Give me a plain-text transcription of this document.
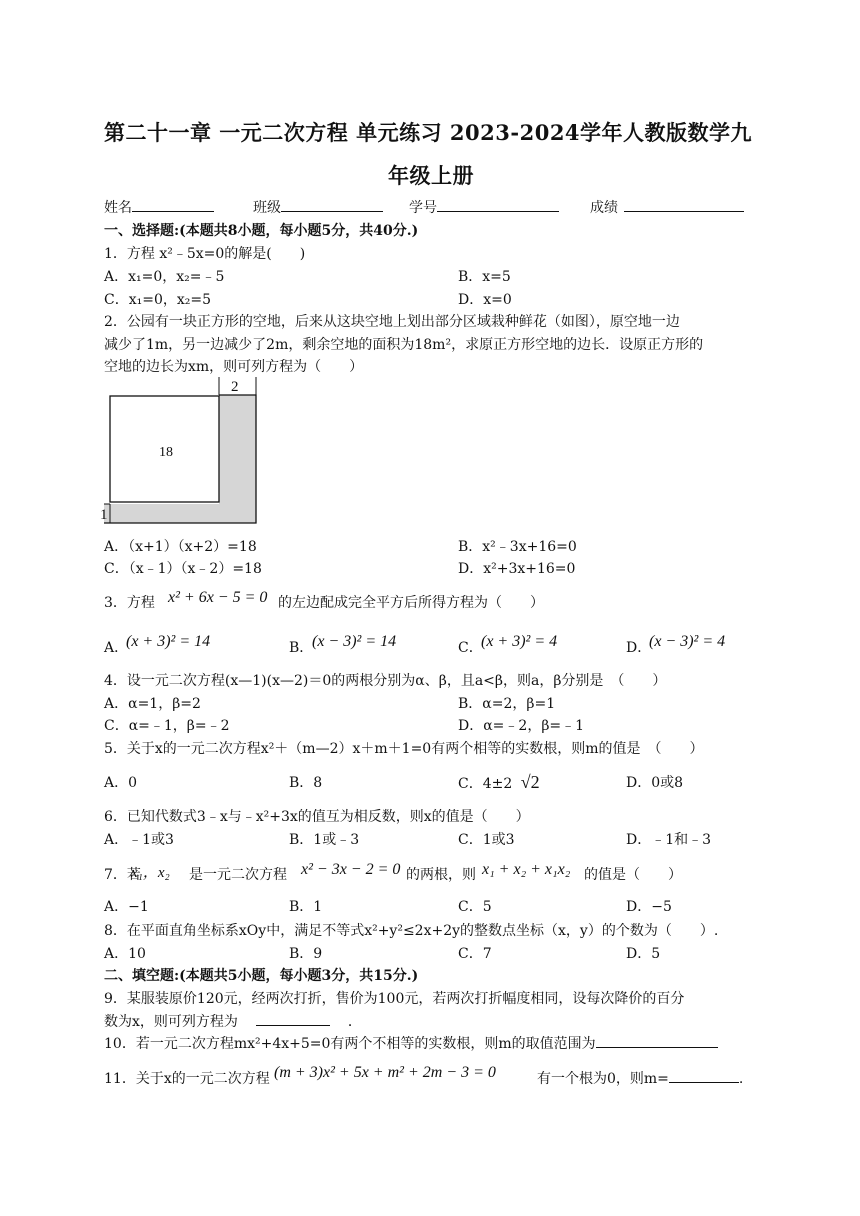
第二十一章 一元二次方程 单元练习 2023-2024学年人教版数学九
年级上册
姓名	班级	学号	成绩
一、选择题:(本题共8小题，每小题5分，共40分.)
1．方程 x²﹣5x=0的解是(　　)
A．x₁=0，x₂=﹣5	B．x=5
C．x₁=0，x₂=5	D．x=0
2．公园有一块正方形的空地，后来从这块空地上划出部分区域栽种鲜花（如图），原空地一边
减少了1m，另一边减少了2m，剩余空地的面积为18m²，求原正方形空地的边长．设原正方形的
空地的边长为xm，则可列方程为（　　）
2
18
1
A．（x+1）（x+2）=18	B．x²﹣3x+16=0
C．（x﹣1）（x﹣2）=18	D．x²+3x+16=0
3．方程 x² + 6x − 5 = 0 的左边配成完全平方后所得方程为（　　）
A．
(x + 3)² = 14	B．
(x − 3)² = 14	C．
(x + 3)² = 4	D．
(x − 3)² = 4
4．设一元二次方程(x—1)(x—2)＝0的两根分别为α、β，且a<β，则a，β分别是　（　　）
A．α=1，β=2	B．α=2，β=1
C．α=﹣1，β=﹣2	D．α=﹣2，β=﹣1
5．关于x的一元二次方程x²＋（m—2）x＋m＋1=0有两个相等的实数根，则m的值是　（　　）
A．0	B．8	C．4±2 √2	D．0或8
6．已知代数式3﹣x与﹣x²+3x的值互为相反数，则x的值是（　　）
A．﹣1或3	B．1或﹣3	C．1或3	D．﹣1和﹣3
7．若
x₁，x₂ 是一元二次方程 x² − 3x − 2 = 0 的两根，则 x₁ + x₂ + x₁x₂ 的值是（　　）
A．−1	B．1	C．5	D．−5
8．在平面直角坐标系xOy中，满足不等式x²+y²≤2x+2y的整数点坐标（x，y）的个数为（　　）.
A．10	B．9	C．7	D．5
二、填空题:(本题共5小题，每小题3分，共15分.)
9．某服装原价120元，经两次打折，售价为100元，若两次打折幅度相同，设每次降价的百分
数为x，则可列方程为	．
10．若一元二次方程mx²+4x+5=0有两个不相等的实数根，则m的取值范围为
11．关于x的一元二次方程 (m + 3)x² + 5x + m² + 2m − 3 = 0	有一个根为0，则m=	.
